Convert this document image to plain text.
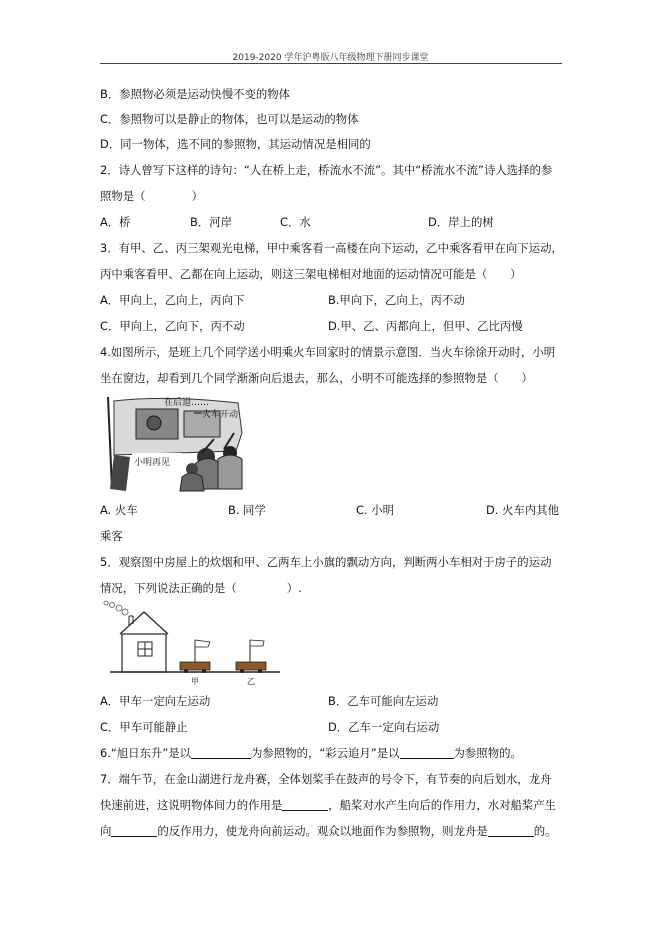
2019-2020 学年沪粤版八年级物理下册同步课堂
B．参照物必须是运动快慢不变的物体
C．参照物可以是静止的物体，也可以是运动的物体
D．同一物体，选不同的参照物，其运动情况是相同的
2．诗人曾写下这样的诗句：“人在桥上走，桥流水不流”。其中“桥流水不流”诗人选择的参
照物是（	）
A．桥	B．河岸	C．水	D．岸上的树
3．有甲、乙、丙三架观光电梯，甲中乘客看一高楼在向下运动，乙中乘客看甲在向下运动，
丙中乘客看甲、乙都在向上运动，则这三架电梯相对地面的运动情况可能是（　　）
A．甲向上，乙向上，丙向下	B.甲向下，乙向上，丙不动
C．甲向上，乙向下，丙不动	D.甲、乙、丙都向上，但甲、乙比丙慢
4.如图所示，是班上几个同学送小明乘火车回家时的情景示意图．当火车徐徐开动时，小明
坐在窗边，却看到几个同学渐渐向后退去，那么，小明不可能选择的参照物是（　　）
在后退……
火车开动
小明再见
A. 火车	B. 同学	C. 小明	D. 火车内其他
乘客
5．观察图中房屋上的炊烟和甲、乙两车上小旗的飘动方向，判断两小车相对于房子的运动
情况，下列说法正确的是（	）.
甲	乙
A．甲车一定向左运动	B．乙车可能向左运动
C．甲车可能静止	D．乙车一定向右运动
6.“旭日东升”是以	为参照物的，“彩云追月”是以	为参照物的。
7．端午节，在金山湖进行龙舟赛，全体划桨手在鼓声的号令下，有节奏的向后划水，龙舟
快速前进，这说明物体间力的作用是	，船桨对水产生向后的作用力，水对船桨产生
向	的反作用力，使龙舟向前运动。观众以地面作为参照物，则龙舟是	的。
